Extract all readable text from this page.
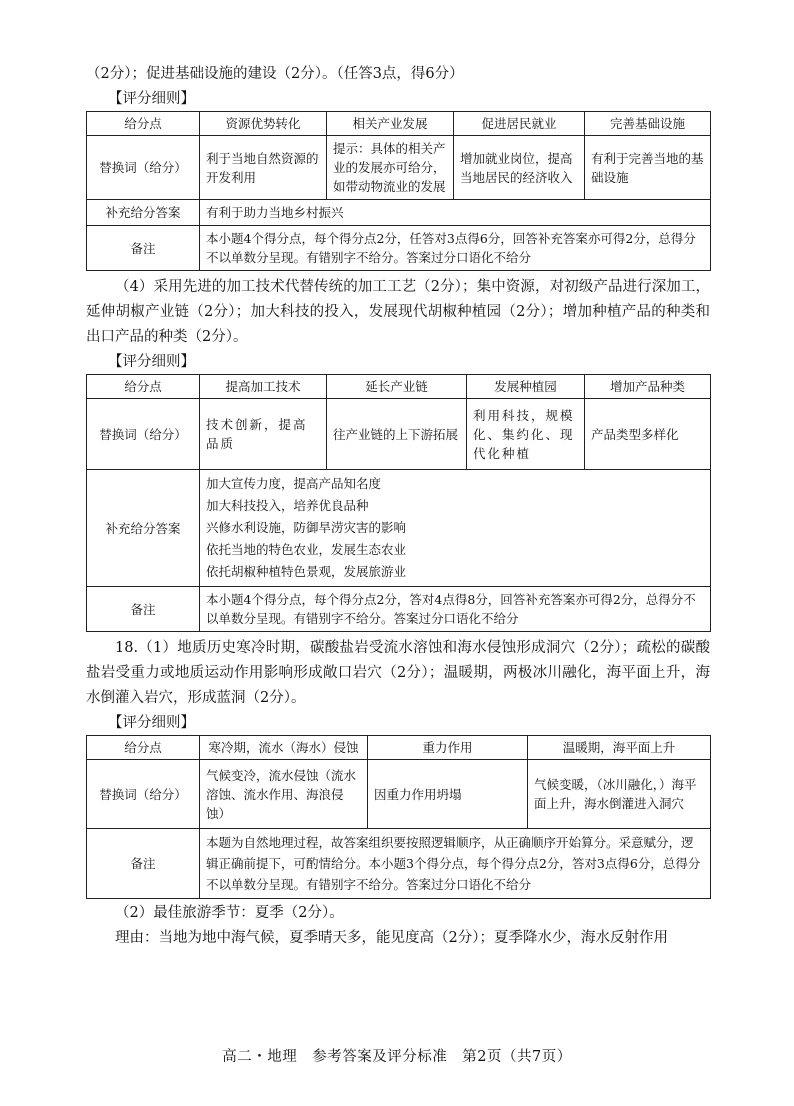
（2分）；促进基础设施的建设（2分）。（任答3点，得6分）

【评分细则】

给分点	资源优势转化	相关产业发展	促进居民就业	完善基础设施
替换词（给分）	利于当地自然资源的开发利用	提示：具体的相关产业的发展亦可给分，如带动物流业的发展	增加就业岗位，提高当地居民的经济收入	有利于完善当地的基础设施
补充给分答案	有利于助力当地乡村振兴			
备注	本小题4个得分点，每个得分点2分，任答对3点得6分，回答补充答案亦可得2分，总得分不以单数分呈现。有错别字不给分。答案过分口语化不给分			

（4）采用先进的加工技术代替传统的加工工艺（2分）；集中资源，对初级产品进行深加工，延伸胡椒产业链（2分）；加大科技的投入，发展现代胡椒种植园（2分）；增加种植产品的种类和出口产品的种类（2分）。

【评分细则】

给分点	提高加工技术	延长产业链	发展种植园	增加产品种类
替换词（给分）	技术创新，提高品质	往产业链的上下游拓展	利用科技，规模化、集约化、现代化种植	产品类型多样化
补充给分答案	加大宣传力度，提高产品知名度
加大科技投入，培养优良品种
兴修水利设施，防御旱涝灾害的影响
依托当地的特色农业，发展生态农业
依托胡椒种植特色景观，发展旅游业			

备注	本小题4个得分点，每个得分点2分，答对4点得8分，回答补充答案亦可得2分，总得分不以单数分呈现。有错别字不给分。答案过分口语化不给分			

18.（1）地质历史寒冷时期，碳酸盐岩受流水溶蚀和海水侵蚀形成洞穴（2分）；疏松的碳酸盐岩受重力或地质运动作用影响形成敞口岩穴（2分）；温暖期，两极冰川融化，海平面上升，海水倒灌入岩穴，形成蓝洞（2分）。

【评分细则】

给分点	寒冷期，流水（海水）侵蚀	重力作用	温暖期，海平面上升
替换词（给分）	气候变冷，流水侵蚀（流水溶蚀、流水作用、海浪侵蚀）	因重力作用坍塌	气候变暖，（冰川融化，）海平面上升，海水倒灌进入洞穴
备注	本题为自然地理过程，故答案组织要按照逻辑顺序，从正确顺序开始算分。采意赋分，逻辑正确前提下，可酌情给分。本小题3个得分点，每个得分点2分，答对3点得6分，总得分不以单数分呈现。有错别字不给分。答案过分口语化不给分		

（2）最佳旅游季节：夏季（2分）。

理由：当地为地中海气候，夏季晴天多，能见度高（2分）；夏季降水少，海水反射作用

高二・地理　参考答案及评分标准　第2页（共7页）
